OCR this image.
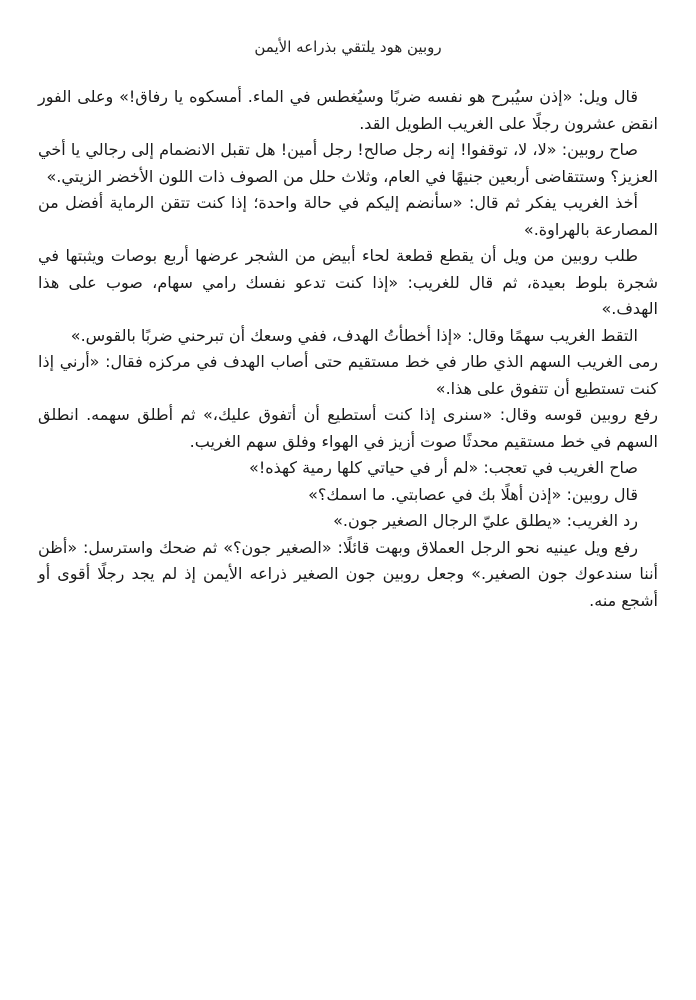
روبين هود يلتقي بذراعه الأيمن

قال ويل: «إذن سيُبرح هو نفسه ضربًا وسيُغطس في الماء. أمسكوه يا رفاق!» وعلى الفور انقض عشرون رجلًا على الغريب الطويل القد.

صاح روبين: «لا، لا، توقفوا! إنه رجل صالح! رجل أمين! هل تقبل الانضمام إلى رجالي يا أخي العزيز؟ وستتقاضى أربعين جنيهًا في العام، وثلاث حلل من الصوف ذات اللون الأخضر الزيتي.»

أخذ الغريب يفكر ثم قال: «سأنضم إليكم في حالة واحدة؛ إذا كنت تتقن الرماية أفضل من المصارعة بالهراوة.»

طلب روبين من ويل أن يقطع قطعة لحاء أبيض من الشجر عرضها أربع بوصات ويثبتها في شجرة بلوط بعيدة، ثم قال للغريب: «إذا كنت تدعو نفسك رامي سهام، صوب على هذا الهدف.»

التقط الغريب سهمًا وقال: «إذا أخطأتُ الهدف، ففي وسعك أن تبرحني ضربًا بالقوس.»

رمى الغريب السهم الذي طار في خط مستقيم حتى أصاب الهدف في مركزه فقال: «أرني إذا كنت تستطيع أن تتفوق على هذا.»

رفع روبين قوسه وقال: «سنرى إذا كنت أستطيع أن أتفوق عليك،» ثم أطلق سهمه. انطلق السهم في خط مستقيم محدثًا صوت أزيز في الهواء وفلق سهم الغريب.

صاح الغريب في تعجب: «لم أر في حياتي كلها رمية كهذه!»

قال روبين: «إذن أهلًا بك في عصابتي. ما اسمك؟»

رد الغريب: «يطلق عليّ الرجال الصغير جون.»

رفع ويل عينيه نحو الرجل العملاق وبهت قائلًا: «الصغير جون؟» ثم ضحك واسترسل: «أظن أننا سندعوك جون الصغير.» وجعل روبين جون الصغير ذراعه الأيمن إذ لم يجد رجلًا أقوى أو أشجع منه.
